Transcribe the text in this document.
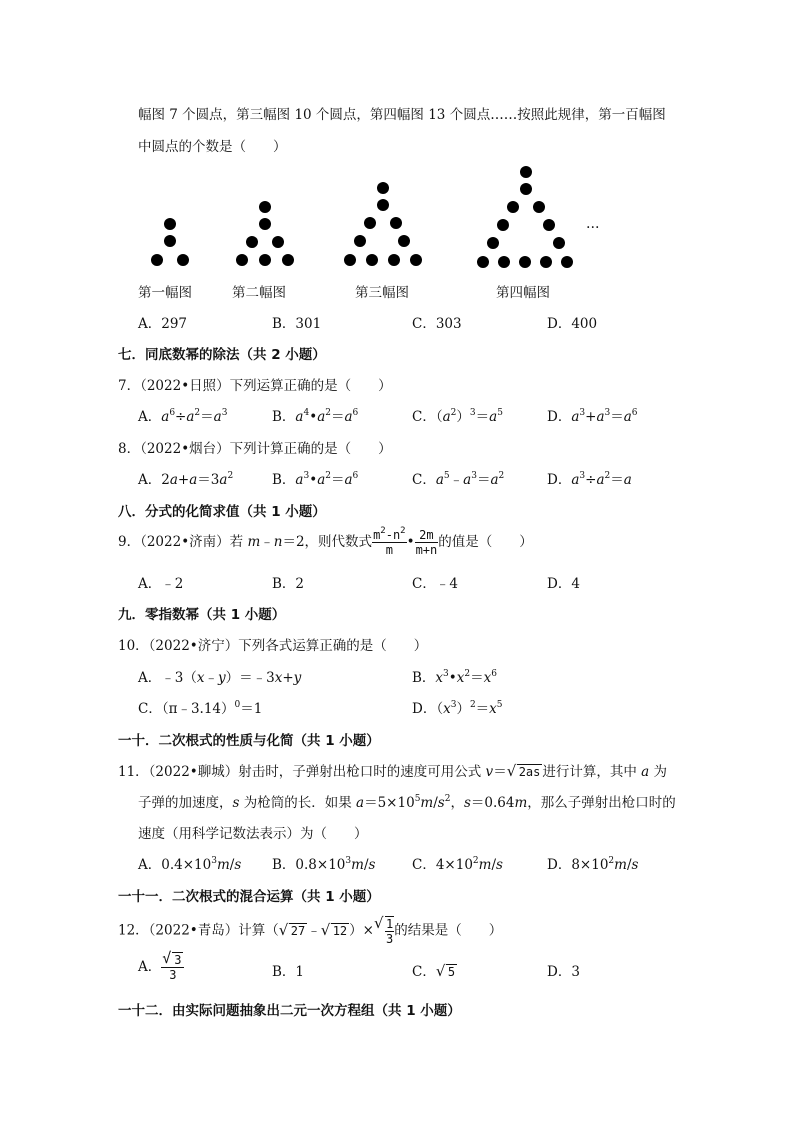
幅图 7 个圆点，第三幅图 10 个圆点，第四幅图 13 个圆点……按照此规律，第一百幅图
中圆点的个数是（　　）
…
第一幅图	第二幅图	第三幅图	第四幅图
A．297	B．301	C．303	D．400
七．同底数幂的除法（共 2 小题）
7．（2022•日照）下列运算正确的是（　　）
A．$a^6\div a^2=a^3$	B．$a^4•a^2=a^6$	C．$(a^2)^3=a^5$	D．$a^3+a^3=a^6$
8．（2022•烟台）下列计算正确的是（　　）
A．$2a+a=3a^2$	B．$a^3•a^2=a^6$	C．$a^5﹣a^3=a^2$	D．$a^3\div a^2=a$
八．分式的化简求值（共 1 小题）
9．（2022•济南）若 m﹣n＝2，则代数式 $\frac{m^2-n^2}{m}$ • $\frac{2m}{m+n}$ 的值是（　　）
A．﹣2	B．2	C．﹣4	D．4
九．零指数幂（共 1 小题）
10．（2022•济宁）下列各式运算正确的是（　　）
A．﹣3（x﹣y）＝﹣3x+y	B．$x^3•x^2=x^6$
C．（π﹣3.14）$^0$＝1	D．$(x^3)^2=x^5$
一十．二次根式的性质与化简（共 1 小题）
11．（2022•聊城）射击时，子弹射出枪口时的速度可用公式 v＝ √ 2as 进行计算，其中 a 为
子弹的加速度，s 为枪筒的长．如果 $a=5\times 10^5m/s^2$，s＝0.64m，那么子弹射出枪口时的
速度（用科学记数法表示）为（　　）
A．$0.4\times 10^3m/s$ B．$0.8\times 10^3m/s$	C．$4\times 10^2m/s$	D．$8\times 10^2m/s$
一十一．二次根式的混合运算（共 1 小题）
12．（2022•青岛）计算（ √ 27 ﹣ √ 12 ）× √ $\frac{1}{3}$ 的结果是（　　）
A． √ $\frac{3}{3}$	B．1	C． √ 5	D．3
一十二．由实际问题抽象出二元一次方程组（共 1 小题）
